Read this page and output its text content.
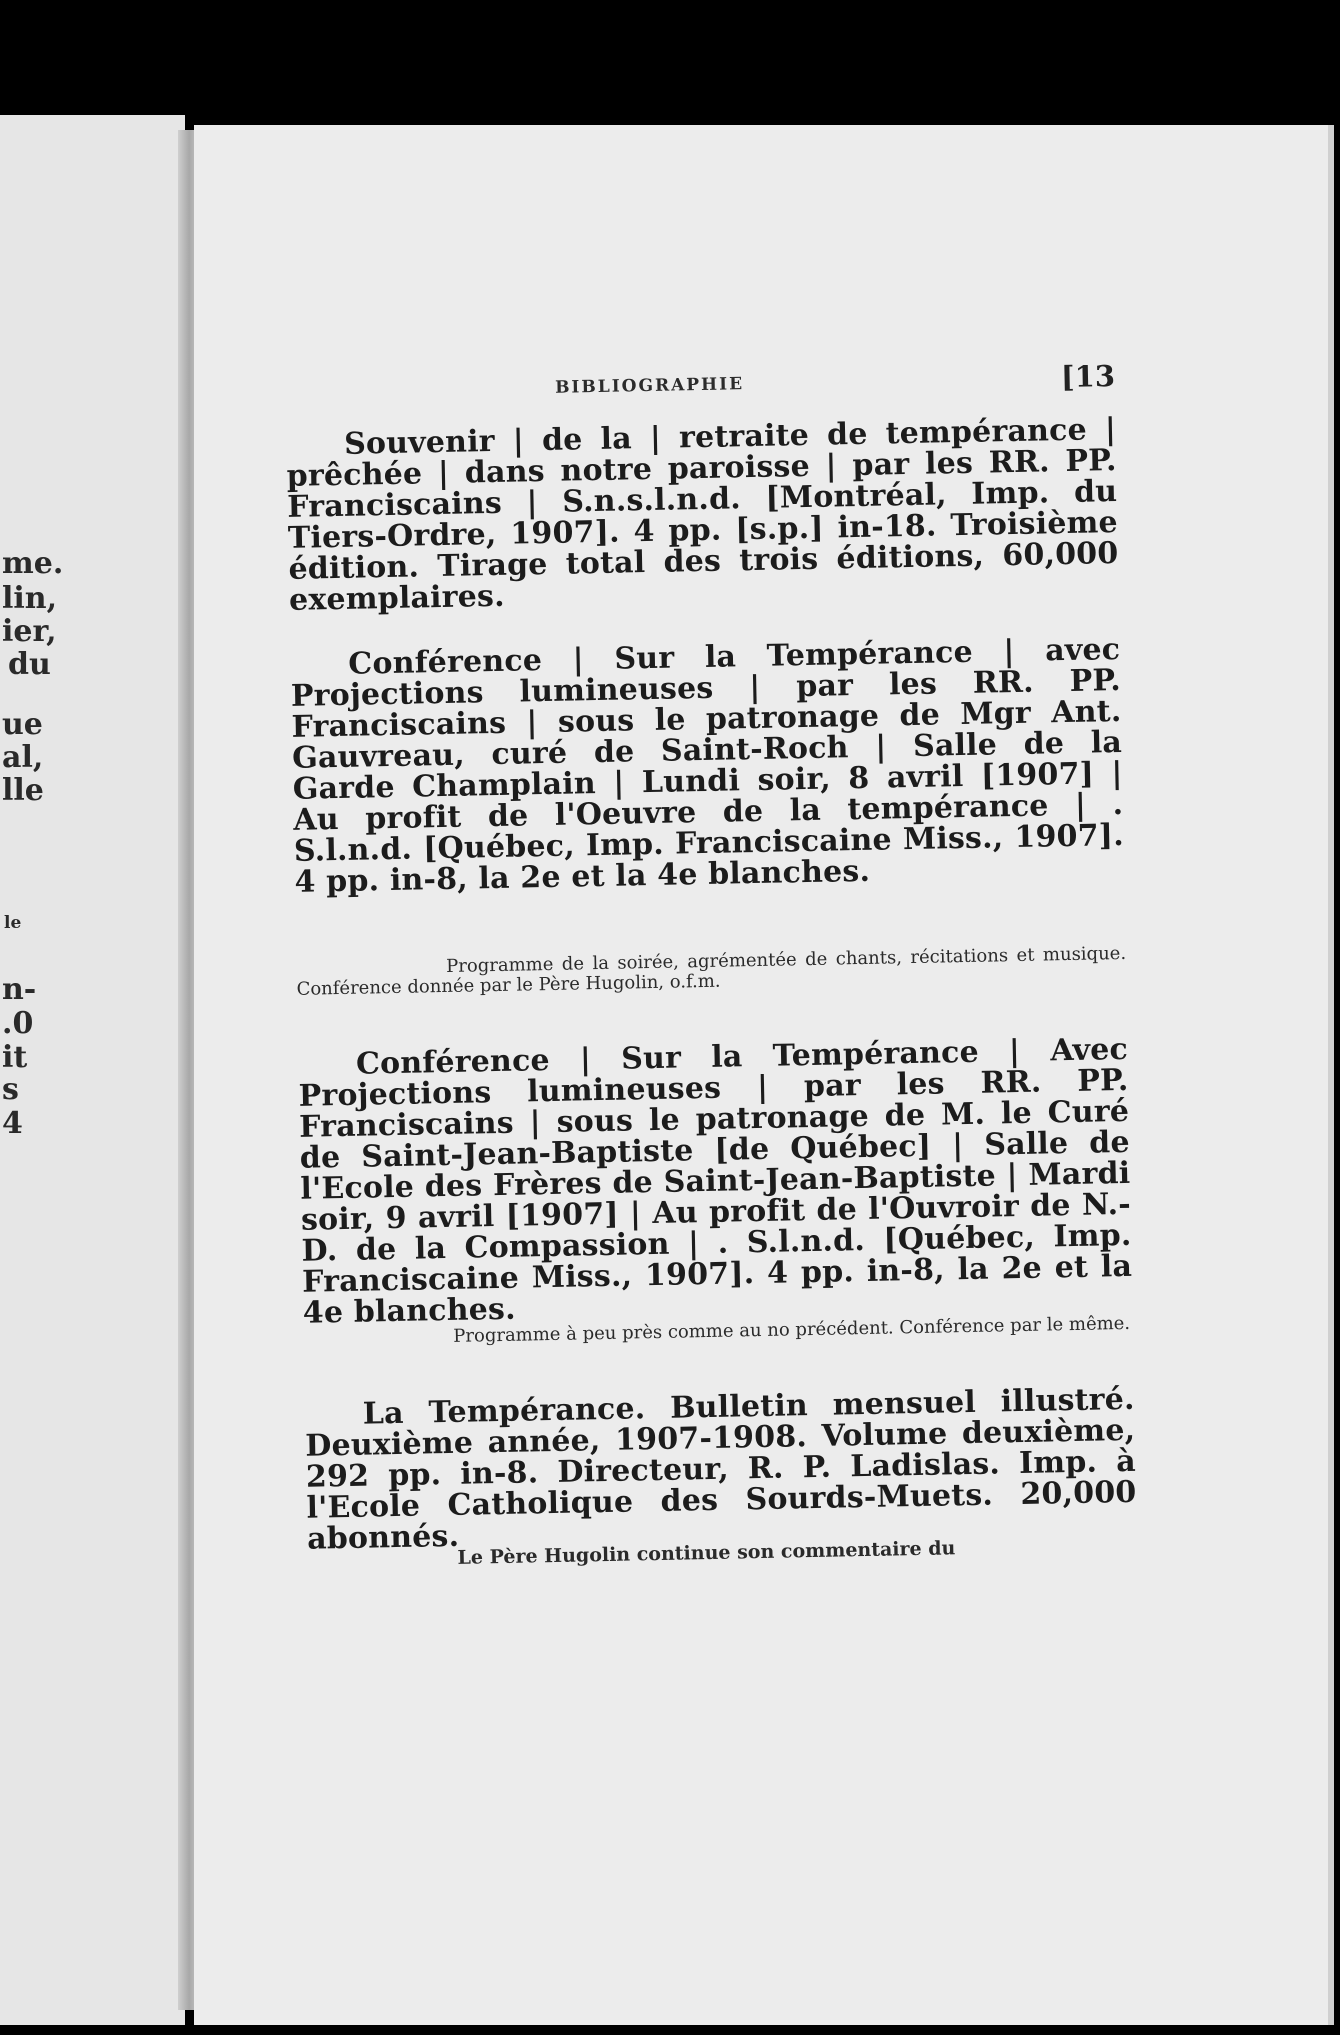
me.
lin,
ier,
du
ue
al,
lle
le
n-
.0
it
s
4
BIBLIOGRAPHIE	[13

Souvenir | de la | retraite de tempérance | prêchée | dans notre paroisse | par les RR. PP. Franciscains | S.n.s.l.n.d. [Montréal, Imp. du Tiers-Ordre, 1907]. 4 pp. [s.p.] in-18. Troisième édition. Tirage total des trois éditions, 60,000 exemplaires.

Conférence | Sur la Tempérance | avec Projections lumineuses | par les RR. PP. Franciscains | sous le patronage de Mgr Ant. Gauvreau, curé de Saint-Roch | Salle de la Garde Champlain | Lundi soir, 8 avril [1907] | Au profit de l'Oeuvre de la tempérance | . S.l.n.d. [Québec, Imp. Franciscaine Miss., 1907]. 4 pp. in-8, la 2e et la 4e blanches.

Programme de la soirée, agrémentée de chants, récitations et musique. Conférence donnée par le Père Hugolin, o.f.m.

Conférence | Sur la Tempérance | Avec Projections lumineuses | par les RR. PP. Franciscains | sous le patronage de M. le Curé de Saint-Jean-Baptiste [de Québec] | Salle de l'Ecole des Frères de Saint-Jean-Baptiste | Mardi soir, 9 avril [1907] | Au profit de l'Ouvroir de N.-D. de la Compassion | . S.l.n.d. [Québec, Imp. Franciscaine Miss., 1907]. 4 pp. in-8, la 2e et la 4e blanches.

Programme à peu près comme au no précédent. Conférence par le même.

La Tempérance. Bulletin mensuel illustré. Deuxième année, 1907-1908. Volume deuxième, 292 pp. in-8. Directeur, R. P. Ladislas. Imp. à l'Ecole Catholique des Sourds-Muets. 20,000 abonnés.

Le Père Hugolin continue son commentaire du
